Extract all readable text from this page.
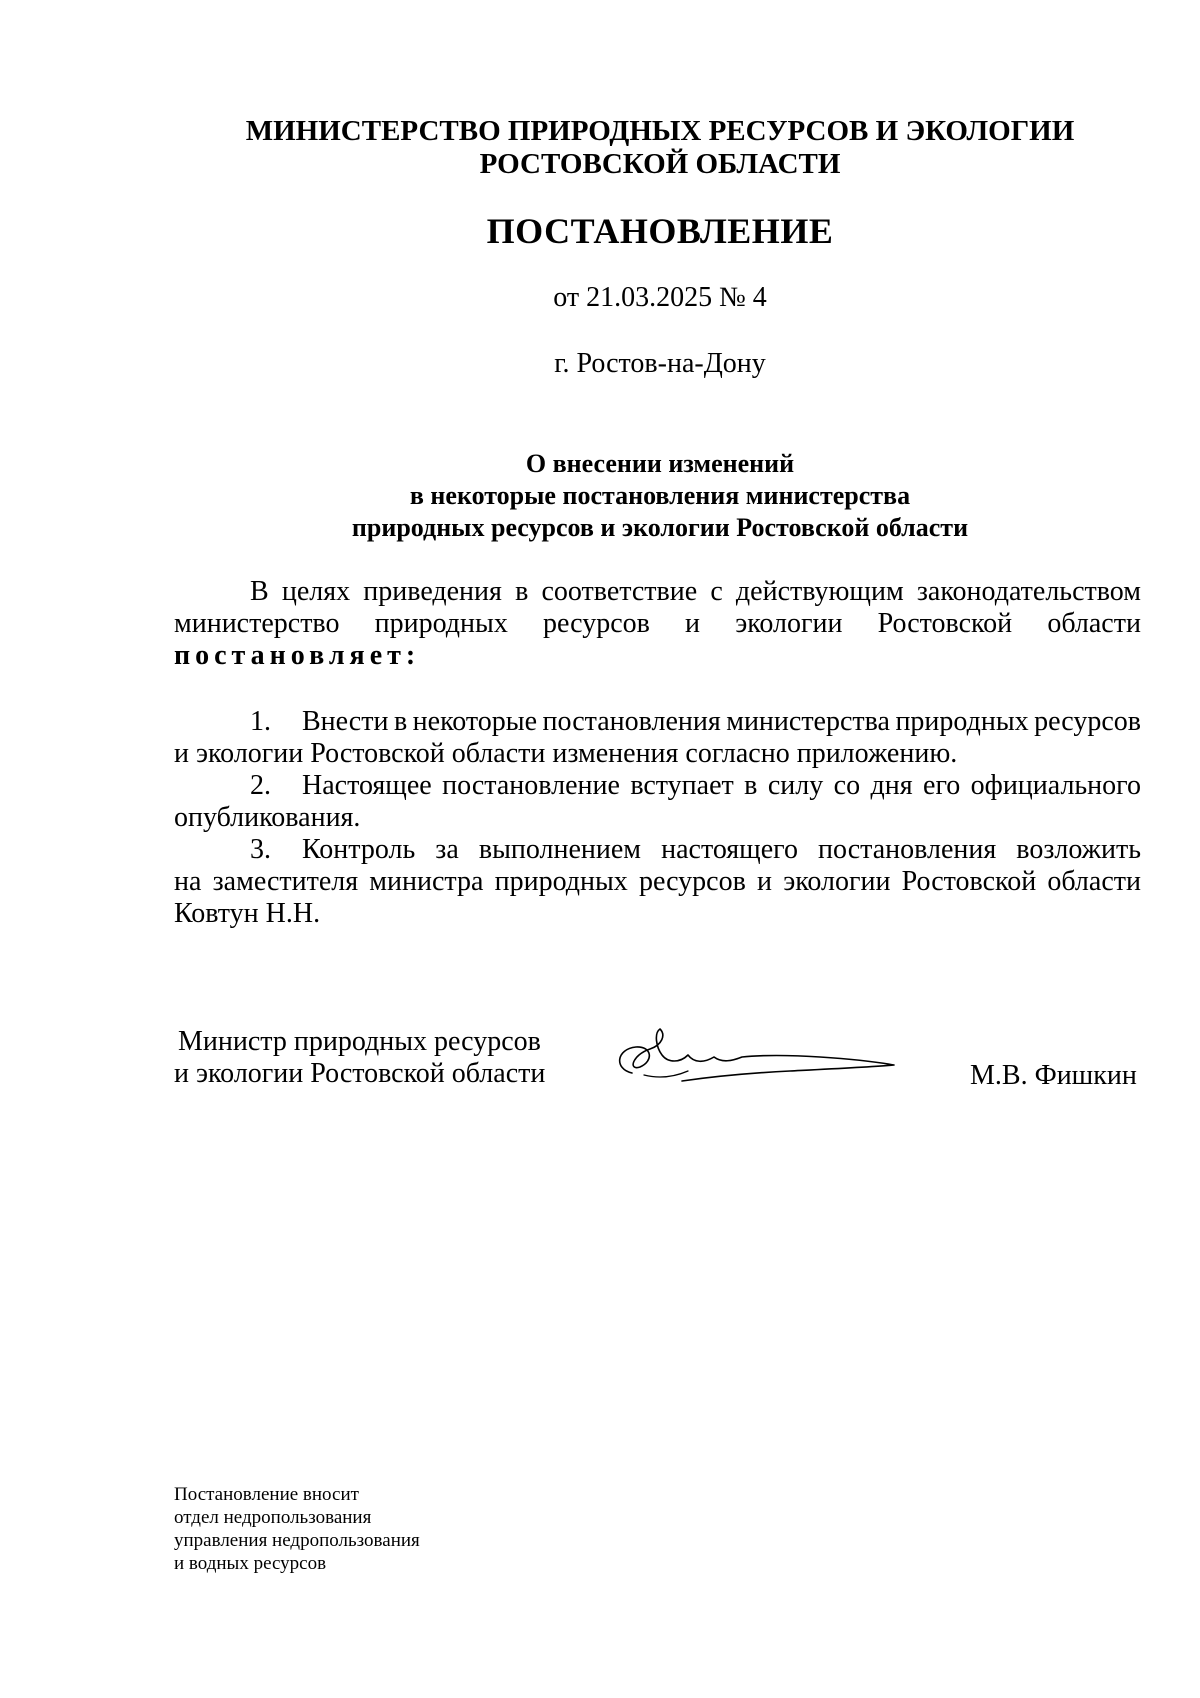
МИНИСТЕРСТВО ПРИРОДНЫХ РЕСУРСОВ И ЭКОЛОГИИ
РОСТОВСКОЙ ОБЛАСТИ
ПОСТАНОВЛЕНИЕ
от 21.03.2025 № 4
г. Ростов-на-Дону
О внесении изменений
в некоторые постановления министерства
природных ресурсов и экологии Ростовской области
В целях приведения в соответствие с действующим законодательством
министерство природных ресурсов и экологии Ростовской области
постановляет:
1.	Внести в некоторые постановления министерства природных ресурсов
и экологии Ростовской области изменения согласно приложению.
2.	Настоящее постановление вступает в силу со дня его официального
опубликования.
3.	Контроль за выполнением настоящего постановления возложить
на заместителя министра природных ресурсов и экологии Ростовской области
Ковтун Н.Н.
Министр природных ресурсов
и экологии Ростовской области	М.В. Фишкин
Постановление вносит
отдел недропользования
управления недропользования
и водных ресурсов
